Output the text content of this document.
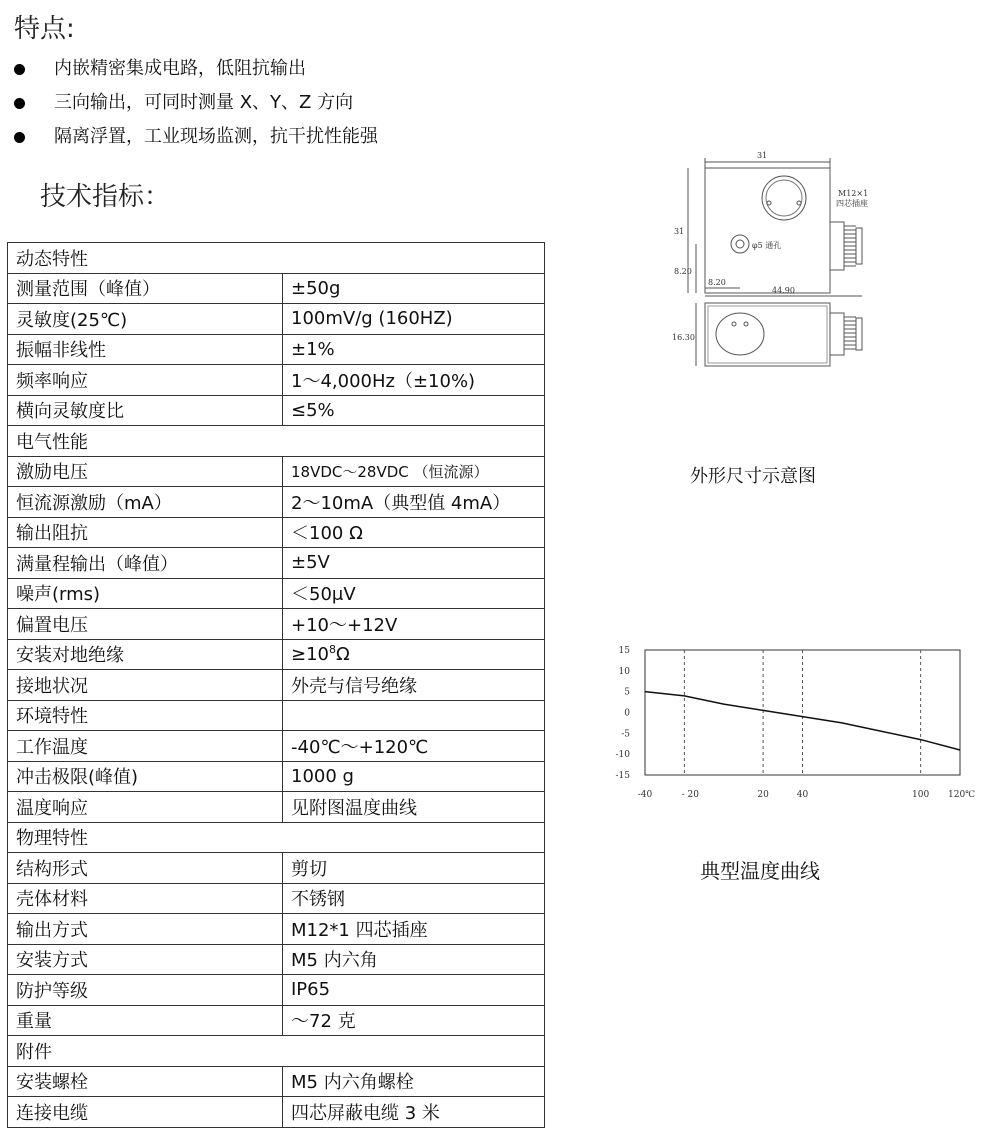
特点:
内嵌精密集成电路，低阻抗输出
三向输出，可同时测量 X、Y、Z 方向
隔离浮置，工业现场监测，抗干扰性能强
技术指标：
动态特性	
测量范围（峰值）	±50g
灵敏度(25℃)	100mV/g (160HZ)
振幅非线性	±1%
频率响应	1～4,000Hz（±10%)
横向灵敏度比	≤5%
电气性能	
激励电压	18VDC～28VDC （恒流源）
恒流源激励（mA）	2～10mA（典型值 4mA）
输出阻抗	＜100 Ω
满量程输出（峰值）	±5V
噪声(rms)	＜50μV
偏置电压	+10～+12V
安装对地绝缘	$\ge 10^8\Omega$
接地状况	外壳与信号绝缘
环境特性	
工作温度	-40℃～+120℃
冲击极限(峰值)	1000 g
温度响应	见附图温度曲线
物理特性	
结构形式	剪切
壳体材料	不锈钢
输出方式	M12*1 四芯插座
安装方式	M5 内六角
防护等级	IP65
重量	～72 克
附件	
安装螺栓	M5 内六角螺栓
连接电缆	四芯屏蔽电缆 3 米
31
31
8.20
8.20
44.90
φ5 通孔
M12×1
四芯插座
16.30
外形尺寸示意图
15
10
5
0
-5
-10
-15
-40	- 20	20	40	100 120℃
典型温度曲线
